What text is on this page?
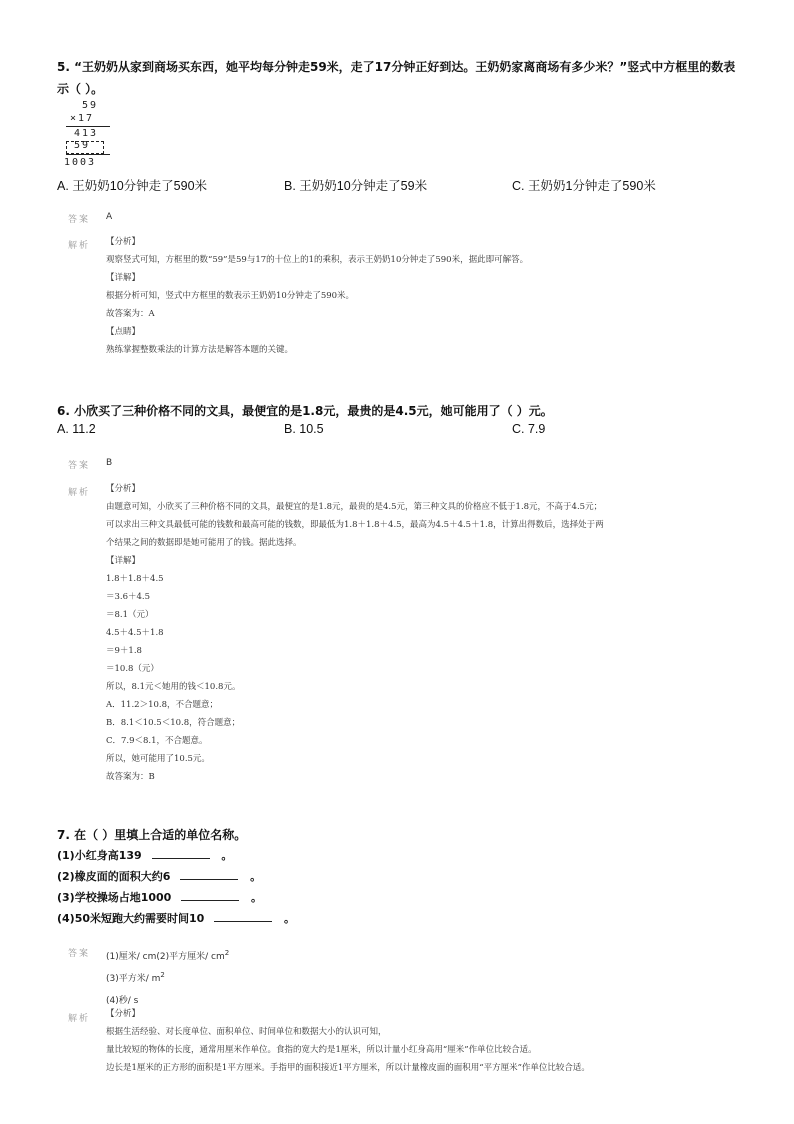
5. “王奶奶从家到商场买东西，她平均每分钟走59米，走了17分钟正好到达。王奶奶家离商场有多少米？”竖式中方框里的数表
示（ ）。
59
×17
413
59
1003
A. 王奶奶10分钟走了590米	B. 王奶奶10分钟走了59米	C. 王奶奶1分钟走了590米
答案 A
解析 【分析】
观察竖式可知，方框里的数“59”是59与17的十位上的1的乘积，表示王奶奶10分钟走了590米，据此即可解答。
【详解】
根据分析可知，竖式中方框里的数表示王奶奶10分钟走了590米。
故答案为：A
【点睛】
熟练掌握整数乘法的计算方法是解答本题的关键。
6. 小欣买了三种价格不同的文具，最便宜的是1.8元，最贵的是4.5元，她可能用了（ ）元。
A. 11.2	B. 10.5	C. 7.9
答案 B
解析 【分析】
由题意可知，小欣买了三种价格不同的文具，最便宜的是1.8元，最贵的是4.5元，第三种文具的价格应不低于1.8元，不高于4.5元；
可以求出三种文具最低可能的钱数和最高可能的钱数，即最低为1.8＋1.8＋4.5，最高为4.5＋4.5＋1.8，计算出得数后，选择处于两
个结果之间的数据即是她可能用了的钱。据此选择。
【详解】
1.8＋1.8＋4.5
＝3.6＋4.5
＝8.1（元）
4.5＋4.5＋1.8
＝9＋1.8
＝10.8（元）
所以，8.1元＜她用的钱＜10.8元。
A．11.2＞10.8，不合题意；
B．8.1＜10.5＜10.8，符合题意；
C．7.9＜8.1，不合题意。
所以，她可能用了10.5元。
故答案为：B
7. 在（ ）里填上合适的单位名称。
(1)小红身高139	。
(2)橡皮面的面积大约6	。
(3)学校操场占地1000	。
(4)50米短跑大约需要时间10	。
答案 (1)厘米/ cm(2)平方厘米/ $cm^2$
(3)平方米/ $m^2$
(4)秒/ s
解析 【分析】
根据生活经验、对长度单位、面积单位、时间单位和数据大小的认识可知，
量比较短的物体的长度，通常用厘米作单位。食指的宽大约是1厘米，所以计量小红身高用“厘米”作单位比较合适。
边长是1厘米的正方形的面积是1平方厘米。手指甲的面积接近1平方厘米，所以计量橡皮面的面积用“平方厘米”作单位比较合适。
